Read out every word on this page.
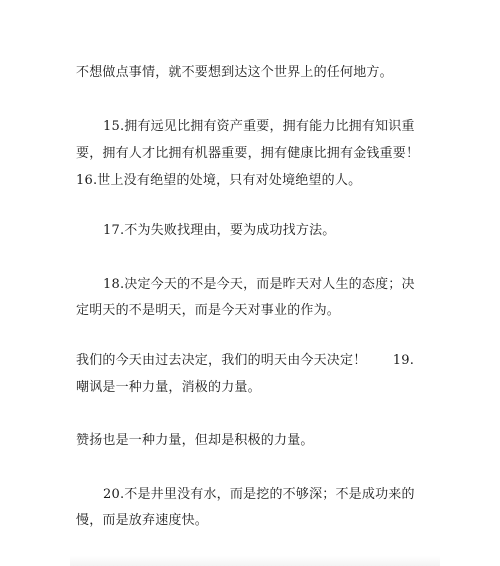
不想做点事情，就不要想到达这个世界上的任何地方。
15.拥有远见比拥有资产重要，拥有能力比拥有知识重
要，拥有人才比拥有机器重要，拥有健康比拥有金钱重要！
16.世上没有绝望的处境，只有对处境绝望的人。
17.不为失败找理由，要为成功找方法。
18.决定今天的不是今天，而是昨天对人生的态度；决
定明天的不是明天，而是今天对事业的作为。
我们的今天由过去决定，我们的明天由今天决定！　　19.
嘲讽是一种力量，消极的力量。
赞扬也是一种力量，但却是积极的力量。
20.不是井里没有水，而是挖的不够深；不是成功来的
慢，而是放弃速度快。
